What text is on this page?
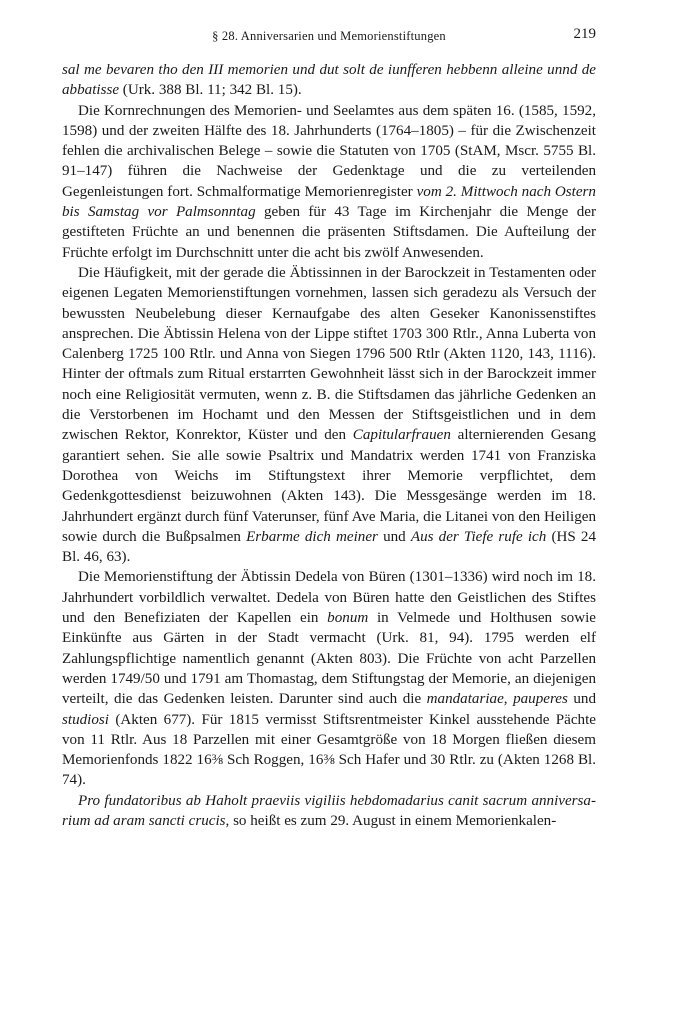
§ 28. Anniversarien und Memorienstiftungen	219

sal me bevaren tho den III memorien und dut solt de iunfferen hebbenn alleine unnd de abbatisse (Urk. 388 Bl. 11; 342 Bl. 15).

Die Kornrechnungen des Memorien- und Seelamtes aus dem späten 16. (1585, 1592, 1598) und der zweiten Hälfte des 18. Jahrhunderts (1764–1805) – für die Zwischenzeit fehlen die archivalischen Belege – sowie die Statuten von 1705 (StAM, Mscr. 5755 Bl. 91–147) führen die Nachweise der Gedenktage und die zu verteilenden Gegenleistungen fort. Schmalformatige Memorienregister vom 2. Mittwoch nach Ostern bis Samstag vor Palmsonntag geben für 43 Tage im Kirchenjahr die Menge der gestifteten Früchte an und benennen die präsenten Stiftsdamen. Die Aufteilung der Früchte erfolgt im Durchschnitt unter die acht bis zwölf Anwesenden.

Die Häufigkeit, mit der gerade die Äbtissinnen in der Barockzeit in Testamenten oder eigenen Legaten Memorienstiftungen vornehmen, lassen sich geradezu als Versuch der bewussten Neubelebung dieser Kernaufgabe des alten Geseker Kanonissenstiftes ansprechen. Die Äbtissin Helena von der Lippe stiftet 1703 300 Rtlr., Anna Luberta von Calenberg 1725 100 Rtlr. und Anna von Siegen 1796 500 Rtlr (Akten 1120, 143, 1116). Hinter der oftmals zum Ritual erstarrten Gewohnheit lässt sich in der Barockzeit immer noch eine Religiosität vermuten, wenn z. B. die Stiftsdamen das jährliche Gedenken an die Verstorbenen im Hochamt und den Messen der Stiftsgeistlichen und in dem zwischen Rektor, Konrektor, Küster und den Capitularfrauen alternierenden Gesang garantiert sehen. Sie alle sowie Psaltrix und Mandatrix werden 1741 von Franziska Dorothea von Weichs im Stiftungstext ihrer Memorie verpflichtet, dem Gedenkgottesdienst beizuwohnen (Akten 143). Die Messgesänge werden im 18. Jahrhundert ergänzt durch fünf Vaterunser, fünf Ave Maria, die Litanei von den Heiligen sowie durch die Bußpsalmen Erbarme dich meiner und Aus der Tiefe rufe ich (HS 24 Bl. 46, 63).

Die Memorienstiftung der Äbtissin Dedela von Büren (1301–1336) wird noch im 18. Jahrhundert vorbildlich verwaltet. Dedela von Büren hatte den Geistlichen des Stiftes und den Benefiziaten der Kapellen ein bonum in Velmede und Holthusen sowie Einkünfte aus Gärten in der Stadt vermacht (Urk. 81, 94). 1795 werden elf Zahlungspflichtige namentlich genannt (Akten 803). Die Früchte von acht Parzellen werden 1749/50 und 1791 am Thomastag, dem Stiftungstag der Memorie, an diejenigen verteilt, die das Gedenken leisten. Darunter sind auch die mandatariae, pauperes und studiosi (Akten 677). Für 1815 vermisst Stiftsrentmeister Kinkel ausstehende Pächte von 11 Rtlr. Aus 18 Parzellen mit einer Gesamtgröße von 18 Morgen fließen diesem Memorienfonds 1822 16⅜ Sch Roggen, 16⅜ Sch Hafer und 30 Rtlr. zu (Akten 1268 Bl. 74).

Pro fundatoribus ab Haholt praeviis vigiliis hebdomadarius canit sacrum anniversarium ad aram sancti crucis, so heißt es zum 29. August in einem Memorienkalen-
